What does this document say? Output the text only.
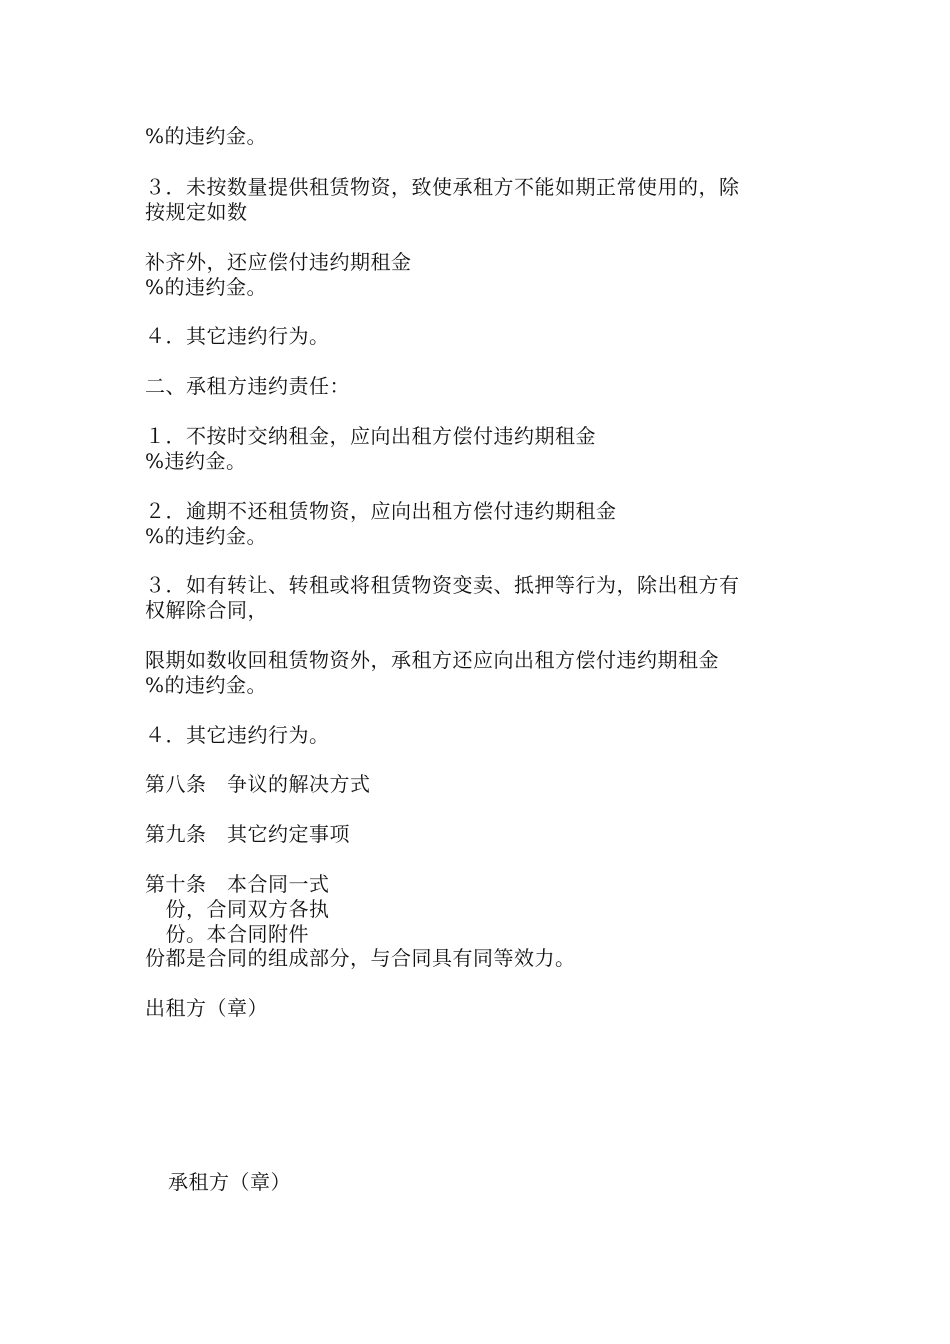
%的违约金。
３．未按数量提供租赁物资，致使承租方不能如期正常使用的，除
按规定如数
补齐外，还应偿付违约期租金
%的违约金。
４．其它违约行为。
二、承租方违约责任：
１．不按时交纳租金，应向出租方偿付违约期租金
%违约金。
２．逾期不还租赁物资，应向出租方偿付违约期租金
%的违约金。
３．如有转让、转租或将租赁物资变卖、抵押等行为，除出租方有
权解除合同，
限期如数收回租赁物资外，承租方还应向出租方偿付违约期租金
%的违约金。
４．其它违约行为。
第八条　争议的解决方式
第九条　其它约定事项
第十条　本合同一式
　份，合同双方各执
　份。本合同附件
份都是合同的组成部分，与合同具有同等效力。
出租方（章）
承租方（章）
